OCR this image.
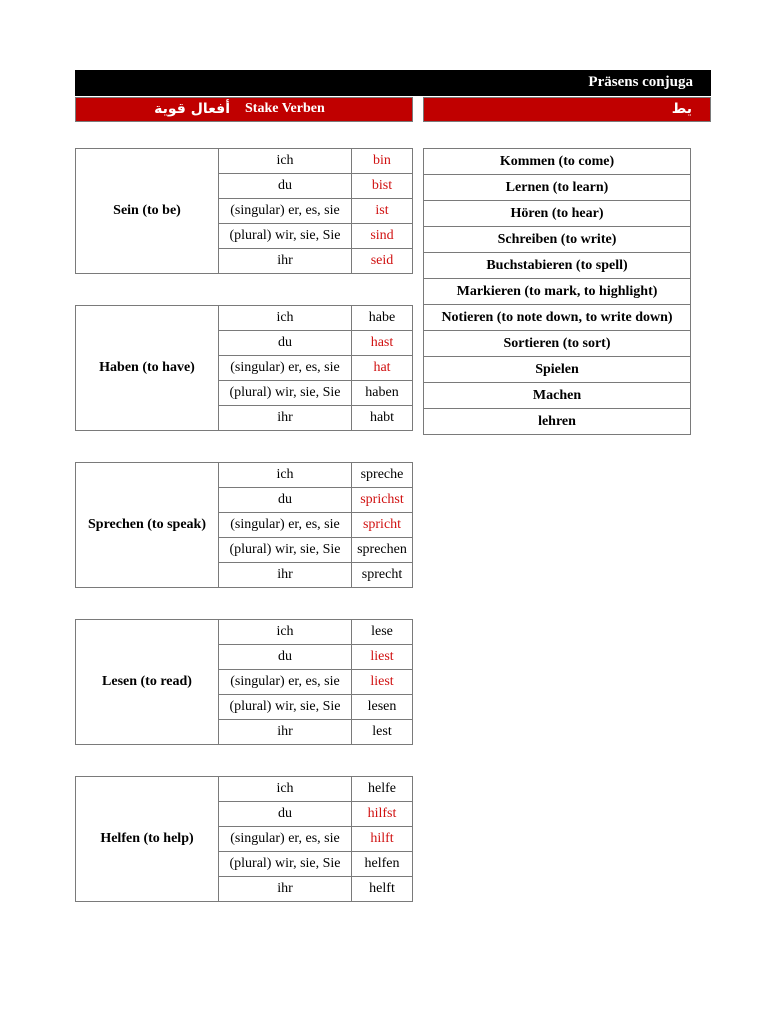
Präsens conjuga
أفعال قوية Stake Verben	يط
Sein (to be)	ich	bin
	du	bist
	(singular) er, es, sie	ist
	(plural) wir, sie, Sie	sind
	ihr	seid
Haben (to have)	ich	habe
	du	hast
	(singular) er, es, sie	hat
	(plural) wir, sie, Sie	haben
	ihr	habt
Sprechen (to speak)	ich	spreche
	du	sprichst
	(singular) er, es, sie	spricht
	(plural) wir, sie, Sie	sprechen
	ihr	sprecht
Lesen (to read)	ich	lese
	du	liest
	(singular) er, es, sie	liest
	(plural) wir, sie, Sie	lesen
	ihr	lest
Helfen (to help)	ich	helfe
	du	hilfst
	(singular) er, es, sie	hilft
	(plural) wir, sie, Sie	helfen
	ihr	helft
Kommen (to come)
Lernen (to learn)
Hören (to hear)
Schreiben (to write)
Buchstabieren (to spell)
Markieren (to mark, to highlight)
Notieren (to note down, to write down)
Sortieren (to sort)
Spielen
Machen
lehren
